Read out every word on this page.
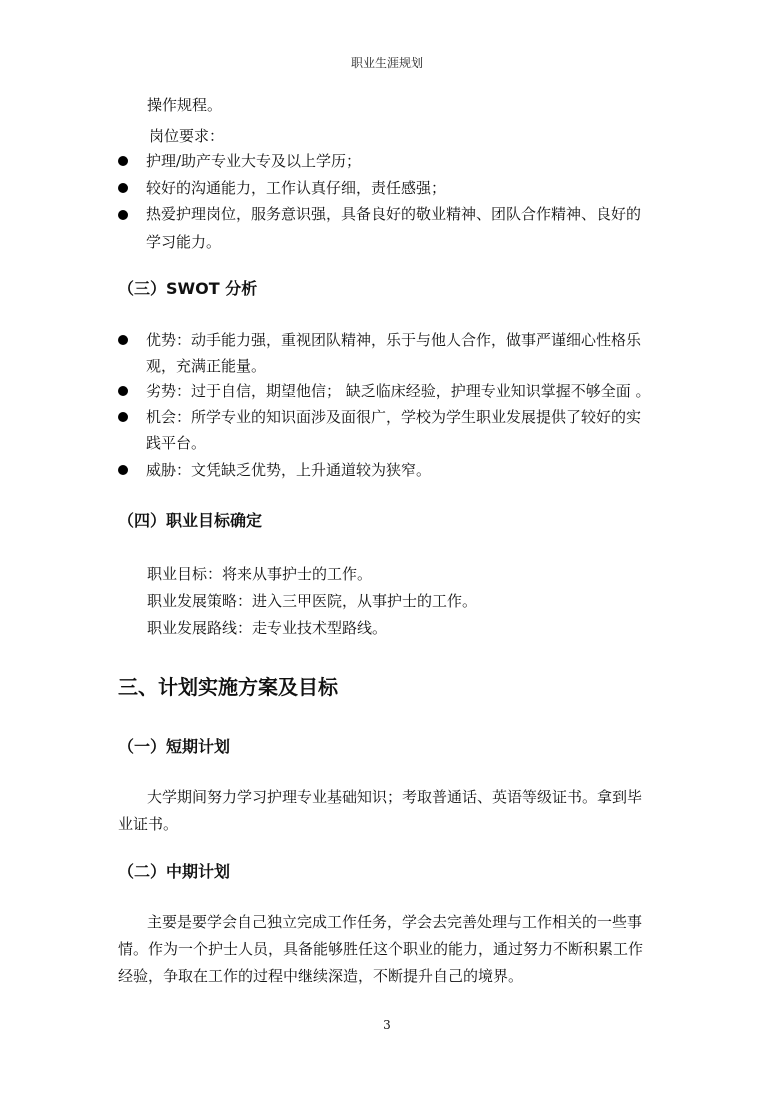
职业生涯规划
操作规程。
岗位要求：
护理/助产专业大专及以上学历；
较好的沟通能力，工作认真仔细，责任感强；
热爱护理岗位，服务意识强，具备良好的敬业精神、团队合作精神、良好的
学习能力。
（三）SWOT 分析
优势：动手能力强，重视团队精神，乐于与他人合作，做事严谨细心性格乐
观，充满正能量。
劣势：过于自信，期望他信； 缺乏临床经验，护理专业知识掌握不够全面 。
机会：所学专业的知识面涉及面很广，学校为学生职业发展提供了较好的实
践平台。
威胁：文凭缺乏优势，上升通道较为狭窄。
（四）职业目标确定
职业目标：将来从事护士的工作。
职业发展策略：进入三甲医院，从事护士的工作。
职业发展路线：走专业技术型路线。
三、计划实施方案及目标
（一）短期计划
大学期间努力学习护理专业基础知识；考取普通话、英语等级证书。拿到毕
业证书。
（二）中期计划
主要是要学会自己独立完成工作任务，学会去完善处理与工作相关的一些事
情。作为一个护士人员，具备能够胜任这个职业的能力，通过努力不断积累工作
经验，争取在工作的过程中继续深造，不断提升自己的境界。
3
